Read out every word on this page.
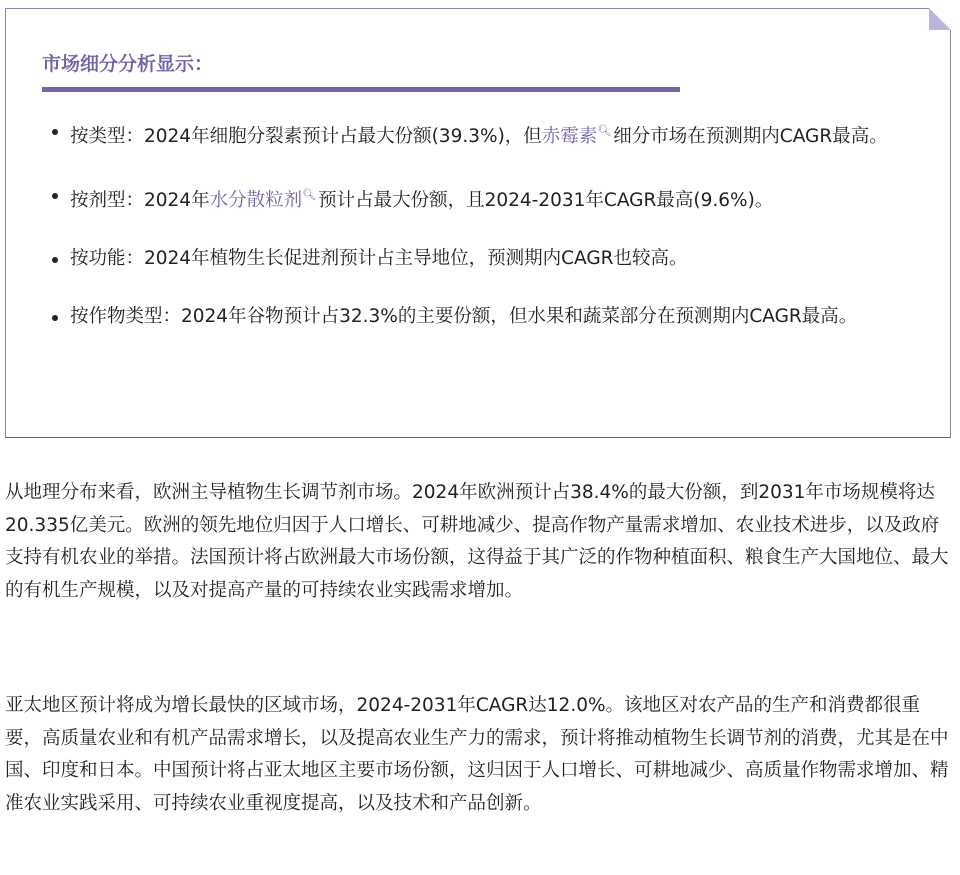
市场细分分析显示：
按类型：2024年细胞分裂素预计占最大份额(39.3%)，但赤霉素🔍︎ 细分市场在预测期内CAGR最高。
按剂型：2024年水分散粒剂🔍︎ 预计占最大份额，且2024-2031年CAGR最高(9.6%)。
按功能：2024年植物生长促进剂预计占主导地位，预测期内CAGR也较高。
按作物类型：2024年谷物预计占32.3%的主要份额，但水果和蔬菜部分在预测期内CAGR最高。

从地理分布来看，欧洲主导植物生长调节剂市场。2024年欧洲预计占38.4%的最大份额，到2031年市场规模将达20.335亿美元。欧洲的领先地位归因于人口增长、可耕地减少、提高作物产量需求增加、农业技术进步，以及政府支持有机农业的举措。法国预计将占欧洲最大市场份额，这得益于其广泛的作物种植面积、粮食生产大国地位、最大的有机生产规模，以及对提高产量的可持续农业实践需求增加。

亚太地区预计将成为增长最快的区域市场，2024-2031年CAGR达12.0%。该地区对农产品的生产和消费都很重要，高质量农业和有机产品需求增长，以及提高农业生产力的需求，预计将推动植物生长调节剂的消费，尤其是在中国、印度和日本。中国预计将占亚太地区主要市场份额，这归因于人口增长、可耕地减少、高质量作物需求增加、精准农业实践采用、可持续农业重视度提高，以及技术和产品创新。
